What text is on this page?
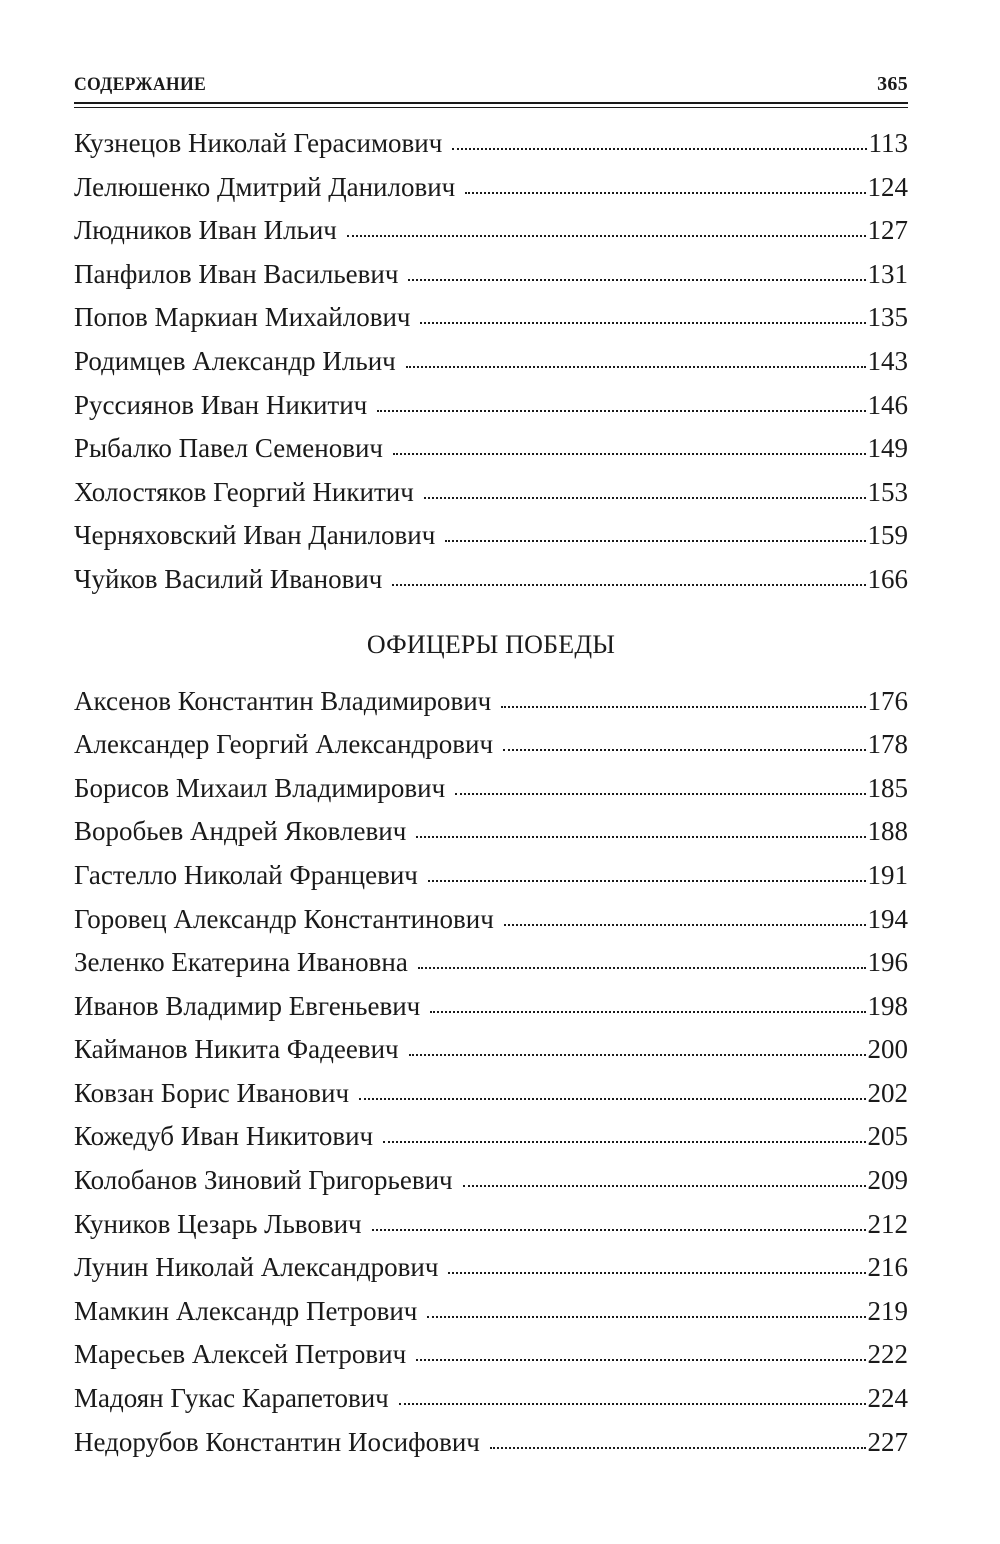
СОДЕРЖАНИЕ	365
Кузнецов Николай Герасимович	113
Лелюшенко Дмитрий Данилович	124
Людников Иван Ильич	127
Панфилов Иван Васильевич	131
Попов Маркиан Михайлович	135
Родимцев Александр Ильич	143
Руссиянов Иван Никитич	146
Рыбалко Павел Семенович	149
Холостяков Георгий Никитич	153
Черняховский Иван Данилович	159
Чуйков Василий Иванович	166
ОФИЦЕРЫ ПОБЕДЫ
Аксенов Константин Владимирович	176
Александер Георгий Александрович	178
Борисов Михаил Владимирович	185
Воробьев Андрей Яковлевич	188
Гастелло Николай Францевич	191
Горовец Александр Константинович	194
Зеленко Екатерина Ивановна	196
Иванов Владимир Евгеньевич	198
Кайманов Никита Фадеевич	200
Ковзан Борис Иванович	202
Кожедуб Иван Никитович	205
Колобанов Зиновий Григорьевич	209
Куников Цезарь Львович	212
Лунин Николай Александрович	216
Мамкин Александр Петрович	219
Маресьев Алексей Петрович	222
Мадоян Гукас Карапетович	224
Недорубов Константин Иосифович	227
